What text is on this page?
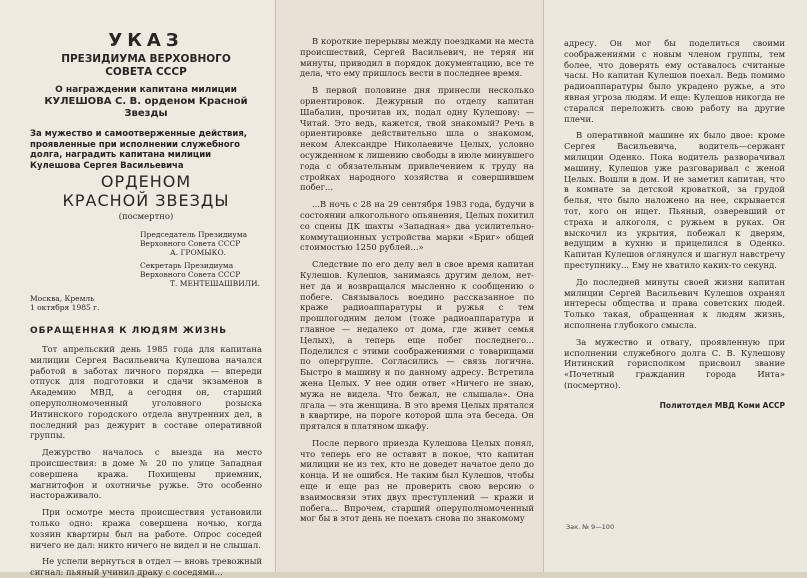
УКАЗ
ПРЕЗИДИУМА ВЕРХОВНОГО
СОВЕТА СССР
О награждении капитана милиции
КУЛЕШОВА С. В. орденом Красной Звезды
За мужество и самоотверженные действия, проявленные при исполнении служебного долга, наградить капитана милиции Кулешова Сергея Васильевича
ОРДЕНОМ
КРАСНОЙ ЗВЕЗДЫ
(посмертно)
Председатель Президиума
Верховного Совета СССР
А. ГРОМЫКО.
Секретарь Президиума
Верховного Совета СССР
Т. МЕНТЕШАШВИЛИ.
Москва, Кремль
1 октября 1985 г.
ОБРАЩЕННАЯ К ЛЮДЯМ ЖИЗНЬ

Тот апрельский день 1985 года для капитана милиции Сергея Васильевича Кулешова начался работой в заботах личного порядка — впереди отпуск для подготовки и сдачи экзаменов в Академию МВД, а сегодня он, старший оперуполномоченный уголовного розыска Интинского городского отдела внутренних дел, в последний раз дежурит в составе оперативной группы.

Дежурство началось с выезда на место происшествия: в доме № 20 по улице Западная совершена кража. Похищены приемник, магнитофон и охотничье ружье. Это особенно настораживало.

При осмотре места происшествия установили только одно: кража совершена ночью, когда хозяин квартиры был на работе. Опрос соседей ничего не дал: никто ничего не видел и не слышал.

Не успели вернуться в отдел — вновь тревожный сигнал: пьяный учинил драку с соседями...

В короткие перерывы между поездками на места происшествий, Сергей Васильевич, не теряя ни минуты, приводил в порядок документацию, все те дела, что ему пришлось вести в последнее время.

В первой половине дня принесли несколько ориентировок. Дежурный по отделу капитан Шабалин, прочитав их, подал одну Кулешову: — Читай. Это ведь, кажется, твой знакомый? Речь в ориентировке действительно шла о знакомом, неком Александре Николаевиче Целых, условно осужденном к лишению свободы в июле минувшего года с обязательным привлечением к труду на стройках народного хозяйства и совершившем побег...

...В ночь с 28 на 29 сентября 1983 года, будучи в состоянии алкогольного опьянения, Целых похитил со сцены ДК шахты «Западная» два усилительно-коммутационных устройства марки «Бриг» общей стоимостью 1250 рублей...»

Следствие по его делу вел в свое время капитан Кулешов. Кулешов, занимаясь другим делом, нет-нет да и возвращался мысленно к сообщению о побеге. Связывалось воедино рассказанное по краже радиоаппаратуры и ружья с тем прошлогодним делом (тоже радиоаппаратура и главное — недалеко от дома, где живет семья Целых), а теперь еще побег последнего... Поделился с этими соображениями с товарищами по опергруппе. Согласились — связь логична. Быстро в машину и по данному адресу. Встретила жена Целых. У нее один ответ «Ничего не знаю, мужа не видела. Что бежал, не слышала». Она лгала — эта женщина. В это время Целых прятался в квартире, на пороге которой шла эта беседа. Он прятался в платяном шкафу.

После первого приезда Кулешова Целых понял, что теперь его не оставят в покое, что капитан милиции не из тех, кто не доведет начатое дело до конца. И не ошибся. Не таким был Кулешов, чтобы еще и еще раз не проверить свою версию о взаимосвязи этих двух преступлений — кражи и побега... Впрочем, старший оперуполномоченный мог бы в этот день не поехать снова по знакомому

адресу. Он мог бы поделиться своими соображениями с новым членом группы, тем более, что доверять ему оставалось считаные часы. Но капитан Кулешов поехал. Ведь помимо радиоаппаратуры было украдено ружье, а это явная угроза людям. И еще: Кулешов никогда не старался переложить свою работу на другие плечи.

В оперативной машине их было двое: кроме Сергея Васильевича, водитель—сержант милиции Оденко. Пока водитель разворачивал машину, Кулешов уже разговаривал с женой Целых. Вошли в дом. И не заметил капитан, что в комнате за детской кроваткой, за грудой белья, что было наложено на нее, скрывается тот, кого он ищет. Пьяный, озверевший от страха и алкоголя, с ружьем в руках. Он выскочил из укрытия, побежал к дверям, ведущим в кухню и прицелился в Оденко. Капитан Кулешов оглянулся и шагнул навстречу преступнику... Ему не хватило каких-то секунд.

До последней минуты своей жизни капитан милиции Сергей Васильевич Кулешов охранял интересы общества и права советских людей. Только такая, обращенная к людям жизнь, исполнена глубокого смысла.

За мужество и отвагу, проявленную при исполнении служебного долга С. В. Кулешову Интинский горисполком присвоил звание «Почетный гражданин города Инта» (посмертно).

Политотдел МВД Коми АССР
Зак. № 9—100
